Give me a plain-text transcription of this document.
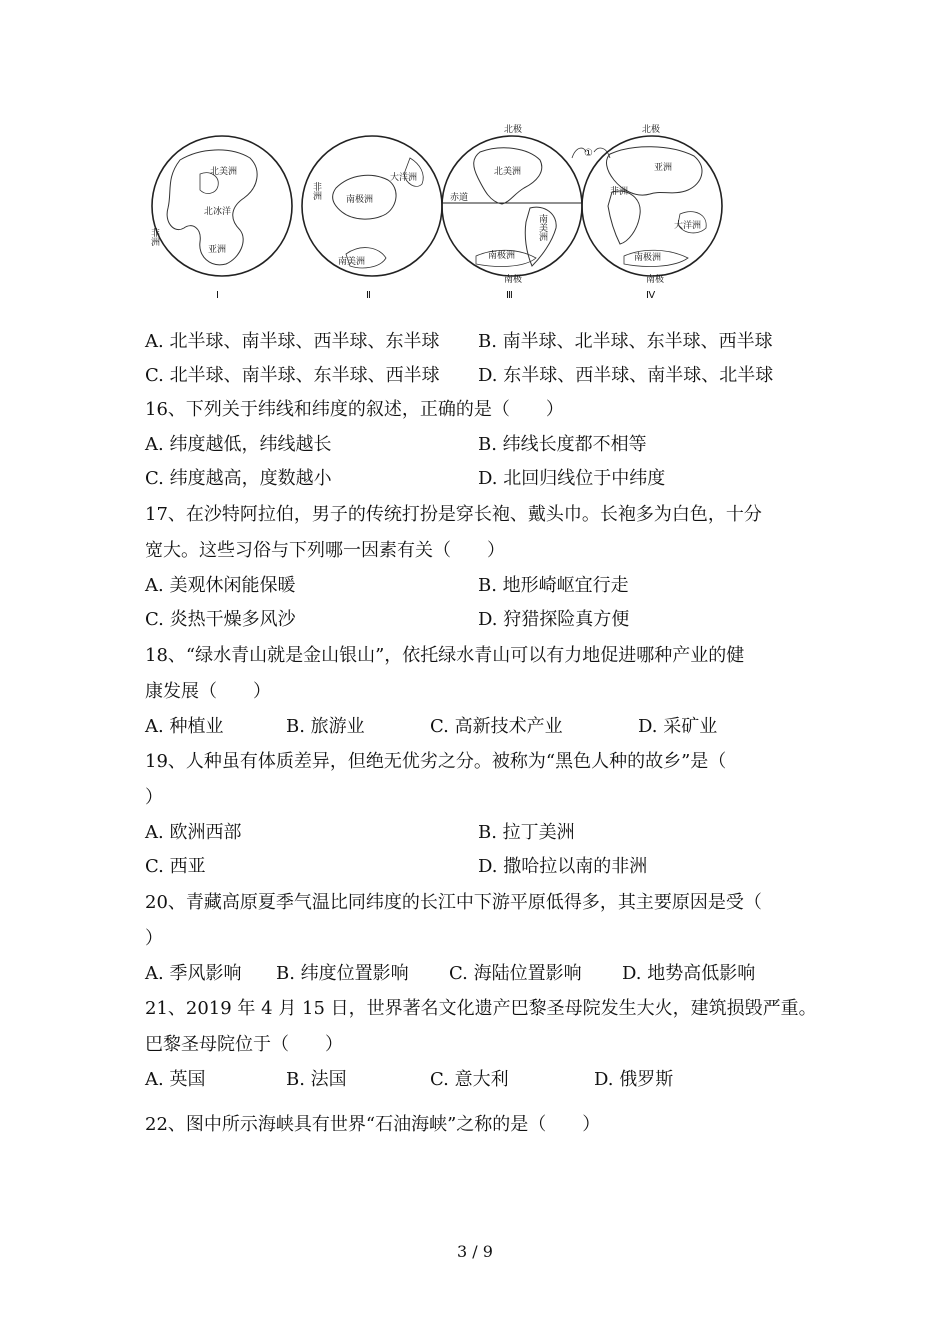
北美洲
北冰洋
非洲
亚洲
Ⅰ
非洲
大洋洲
南极洲
南美洲
Ⅱ
北极
北美洲
赤道
南美洲
南极洲
南极
Ⅲ
①
北极
亚洲
非洲
大洋洲
南极洲
南极
Ⅳ
A. 北半球、南半球、西半球、东半球 B. 南半球、北半球、东半球、西半球
C. 北半球、南半球、东半球、西半球 D. 东半球、西半球、南半球、北半球
16、下列关于纬线和纬度的叙述，正确的是（　　）
A. 纬度越低，纬线越长	B. 纬线长度都不相等
C. 纬度越高，度数越小	D. 北回归线位于中纬度
17、在沙特阿拉伯，男子的传统打扮是穿长袍、戴头巾。长袍多为白色，十分
宽大。这些习俗与下列哪一因素有关（　　）
A. 美观休闲能保暖	B. 地形崎岖宜行走
C. 炎热干燥多风沙	D. 狩猎探险真方便
18、“绿水青山就是金山银山”，依托绿水青山可以有力地促进哪种产业的健
康发展（　　）
A. 种植业	B. 旅游业	C. 高新技术产业	D. 采矿业
19、人种虽有体质差异，但绝无优劣之分。被称为“黑色人种的故乡”是（
）
A. 欧洲西部	B. 拉丁美洲
C. 西亚	D. 撒哈拉以南的非洲
20、青藏高原夏季气温比同纬度的长江中下游平原低得多，其主要原因是受（
）
A. 季风影响 B. 纬度位置影响 C. 海陆位置影响 D. 地势高低影响
21、2019 年 4 月 15 日，世界著名文化遗产巴黎圣母院发生大火，建筑损毁严重。
巴黎圣母院位于（　　）
A. 英国	B. 法国	C. 意大利	D. 俄罗斯
22、图中所示海峡具有世界“石油海峡”之称的是（　　）
3 / 9
